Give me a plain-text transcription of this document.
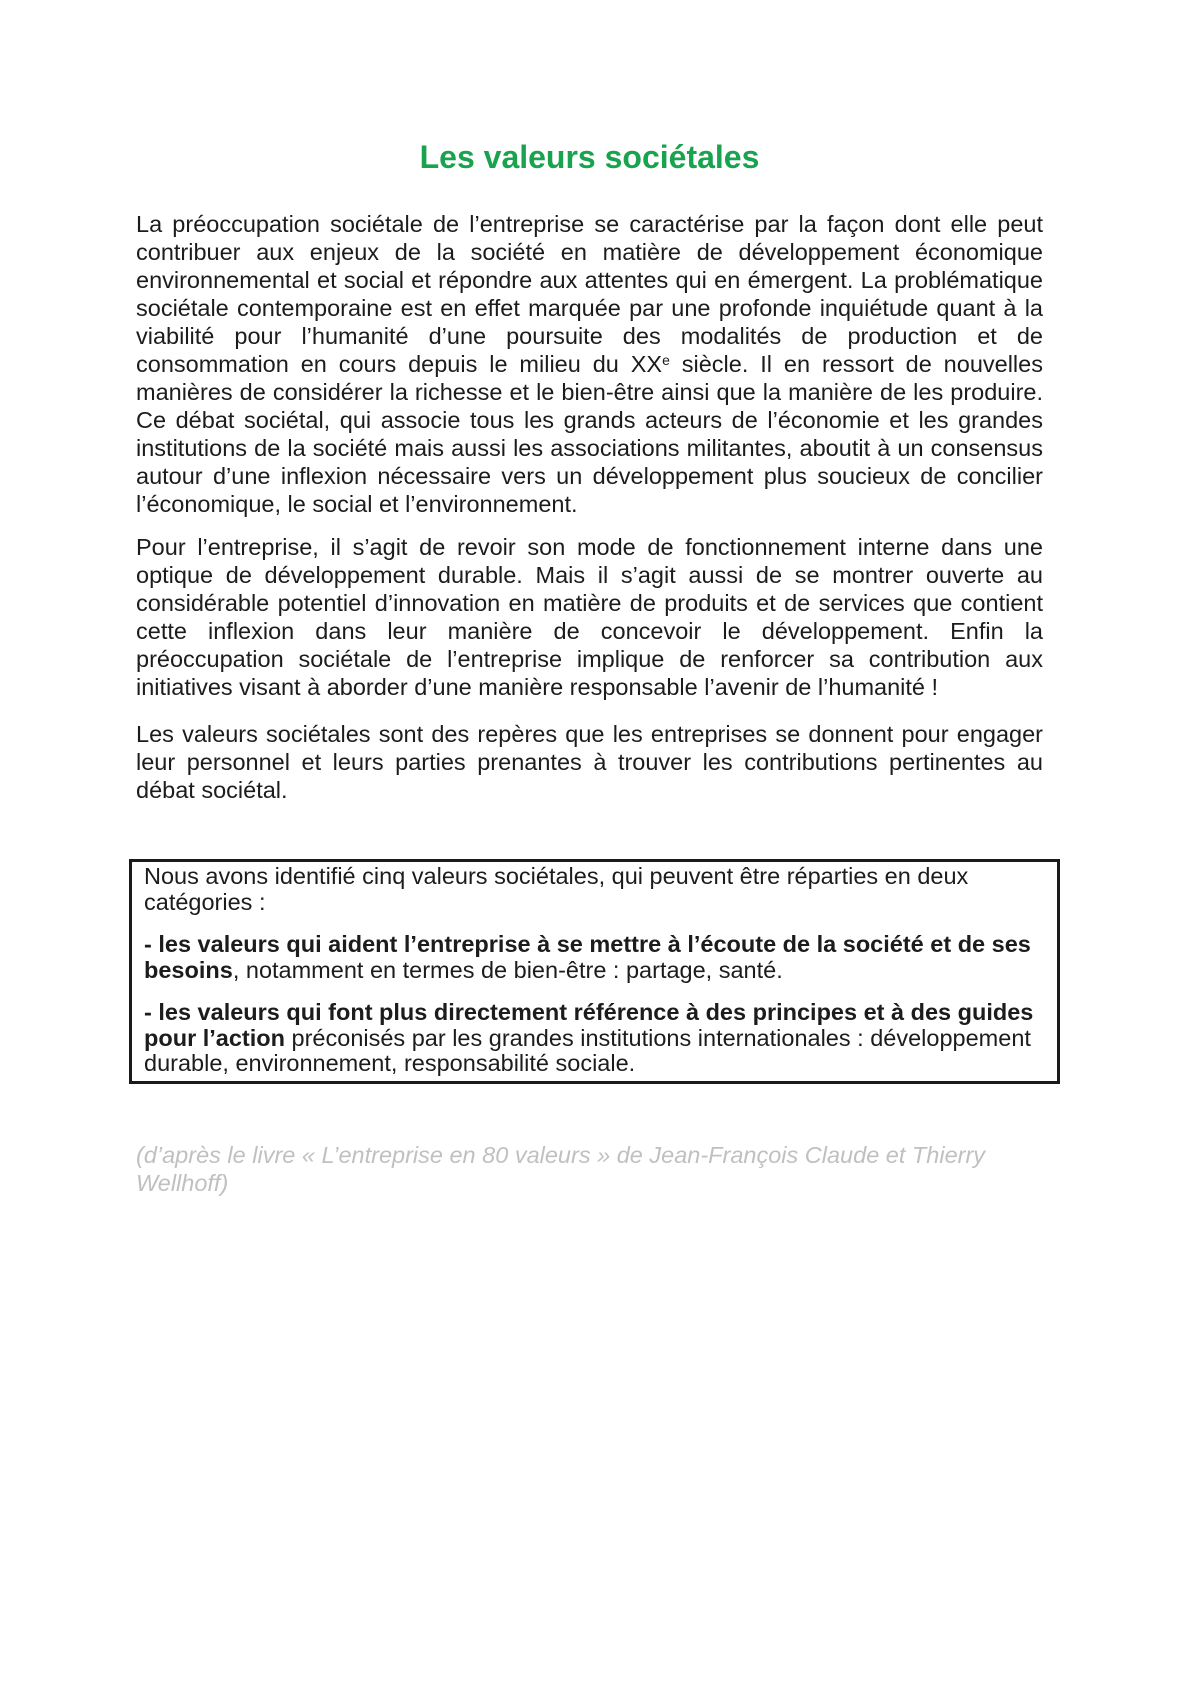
Les valeurs sociétales

La préoccupation sociétale de l’entreprise se caractérise par la façon dont elle peut contribuer aux enjeux de la société en matière de développement économique environnemental et social et répondre aux attentes qui en émergent. La problématique sociétale contemporaine est en effet marquée par une profonde inquiétude quant à la viabilité pour l’humanité d’une poursuite des modalités de production et de consommation en cours depuis le milieu du XXe siècle. Il en ressort de nouvelles manières de considérer la richesse et le bien-être ainsi que la manière de les produire. Ce débat sociétal, qui associe tous les grands acteurs de l’économie et les grandes institutions de la société mais aussi les associations militantes, aboutit à un consensus autour d’une inflexion nécessaire vers un développement plus soucieux de concilier l’économique, le social et l’environnement.

Pour l’entreprise, il s’agit de revoir son mode de fonctionnement interne dans une optique de développement durable. Mais il s’agit aussi de se montrer ouverte au considérable potentiel d’innovation en matière de produits et de services que contient cette inflexion dans leur manière de concevoir le développement. Enfin la préoccupation sociétale de l’entreprise implique de renforcer sa contribution aux initiatives visant à aborder d’une manière responsable l’avenir de l’humanité !

Les valeurs sociétales sont des repères que les entreprises se donnent pour engager leur personnel et leurs parties prenantes à trouver les contributions pertinentes au débat sociétal.

Nous avons identifié cinq valeurs sociétales, qui peuvent être réparties en deux catégories :

- les valeurs qui aident l’entreprise à se mettre à l’écoute de la société et de ses besoins, notamment en termes de bien-être : partage, santé.

- les valeurs qui font plus directement référence à des principes et à des guides pour l’action préconisés par les grandes institutions internationales : développement durable, environnement, responsabilité sociale.

(d’après le livre « L’entreprise en 80 valeurs » de Jean-François Claude et Thierry Wellhoff)
